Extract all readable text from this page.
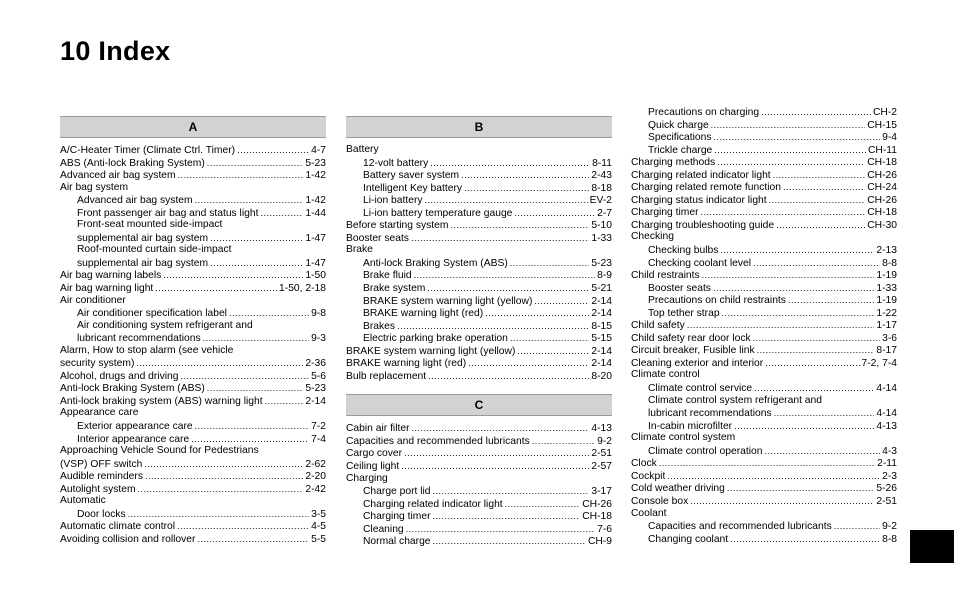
10 Index
A
A/C-Heater Timer (Climate Ctrl. Timer) .....	4-7
ABS (Anti-lock Braking System) .....	5-23
Advanced air bag system .....	1-42
Air bag system
Advanced air bag system .....	1-42
Front passenger air bag and status light .....	1-44
Front-seat mounted side-impact
supplemental air bag system .....	1-47
Roof-mounted curtain side-impact
supplemental air bag system .....	1-47
Air bag warning labels .....	1-50
Air bag warning light .....	1-50, 2-18
Air conditioner
Air conditioner specification label .....	9-8
Air conditioning system refrigerant and
lubricant recommendations .....	9-3
Alarm, How to stop alarm (see vehicle
security system) .....	2-36
Alcohol, drugs and driving .....	5-6
Anti-lock Braking System (ABS) .....	5-23
Anti-lock braking system (ABS) warning light .....	2-14
Appearance care
Exterior appearance care .....	7-2
Interior appearance care .....	7-4
Approaching Vehicle Sound for Pedestrians
(VSP) OFF switch .....	2-62
Audible reminders .....	2-20
Autolight system .....	2-42
Automatic
Door locks .....	3-5
Automatic climate control .....	4-5
Avoiding collision and rollover .....	5-5
B
Battery
12-volt battery .....	8-11
Battery saver system .....	2-43
Intelligent Key battery .....	8-18
Li-ion battery .....	EV-2
Li-ion battery temperature gauge .....	2-7
Before starting system .....	5-10
Booster seats .....	1-33
Brake
Anti-lock Braking System (ABS) .....	5-23
Brake fluid .....	8-9
Brake system .....	5-21
BRAKE system warning light (yellow) .....	2-14
BRAKE warning light (red) .....	2-14
Brakes .....	8-15
Electric parking brake operation .....	5-15
BRAKE system warning light (yellow) .....	2-14
BRAKE warning light (red) .....	2-14
Bulb replacement .....	8-20
C
Cabin air filter .....	4-13
Capacities and recommended lubricants .....	9-2
Cargo cover .....	2-51
Ceiling light .....	2-57
Charging
Charge port lid .....	3-17
Charging related indicator light .....	CH-26
Charging timer .....	CH-18
Cleaning .....	7-6
Normal charge .....	CH-9
Precautions on charging .....	CH-2
Quick charge .....	CH-15
Specifications .....	9-4
Trickle charge .....	CH-11
Charging methods .....	CH-18
Charging related indicator light .....	CH-26
Charging related remote function .....	CH-24
Charging status indicator light .....	CH-26
Charging timer .....	CH-18
Charging troubleshooting guide .....	CH-30
Checking
Checking bulbs .....	2-13
Checking coolant level .....	8-8
Child restraints .....	1-19
Booster seats .....	1-33
Precautions on child restraints .....	1-19
Top tether strap .....	1-22
Child safety .....	1-17
Child safety rear door lock .....	3-6
Circuit breaker, Fusible link .....	8-17
Cleaning exterior and interior .....	7-2, 7-4
Climate control
Climate control service .....	4-14
Climate control system refrigerant and
lubricant recommendations .....	4-14
In-cabin microfilter .....	4-13
Climate control system
Climate control operation .....	4-3
Clock .....	2-11
Cockpit .....	2-3
Cold weather driving .....	5-26
Console box .....	2-51
Coolant
Capacities and recommended lubricants .....	9-2
Changing coolant .....	8-8
